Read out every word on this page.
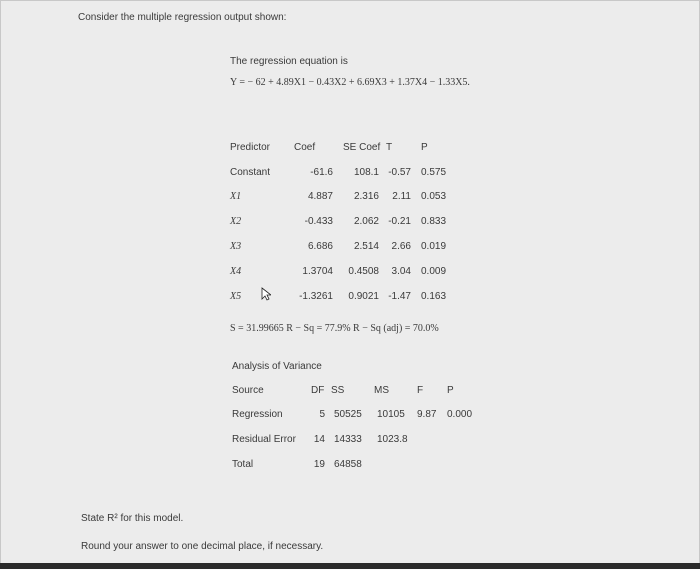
Consider the multiple regression output shown:
The regression equation is
Y = − 62 + 4.89X1 − 0.43X2 + 6.69X3 + 1.37X4 − 1.33X5.
Predictor Coef	SE Coef T	P
Constant	-61.6	108.1 -0.57 0.575
X1	4.887	2.316	2.11 0.053
X2	-0.433	2.062 -0.21 0.833
X3	6.686	2.514	2.66 0.019
X4	1.3704	0.4508	3.04 0.009
X5	-1.3261	0.9021 -1.47 0.163
S = 31.99665 R − Sq = 77.9% R − Sq (adj) = 70.0%
Analysis of Variance
Source	DF SS	MS	F P
Regression	5 50525 10105 9.87 0.000
Residual Error	14 14333 1023.8
Total	19 64858
State R² for this model.
Round your answer to one decimal place, if necessary.
